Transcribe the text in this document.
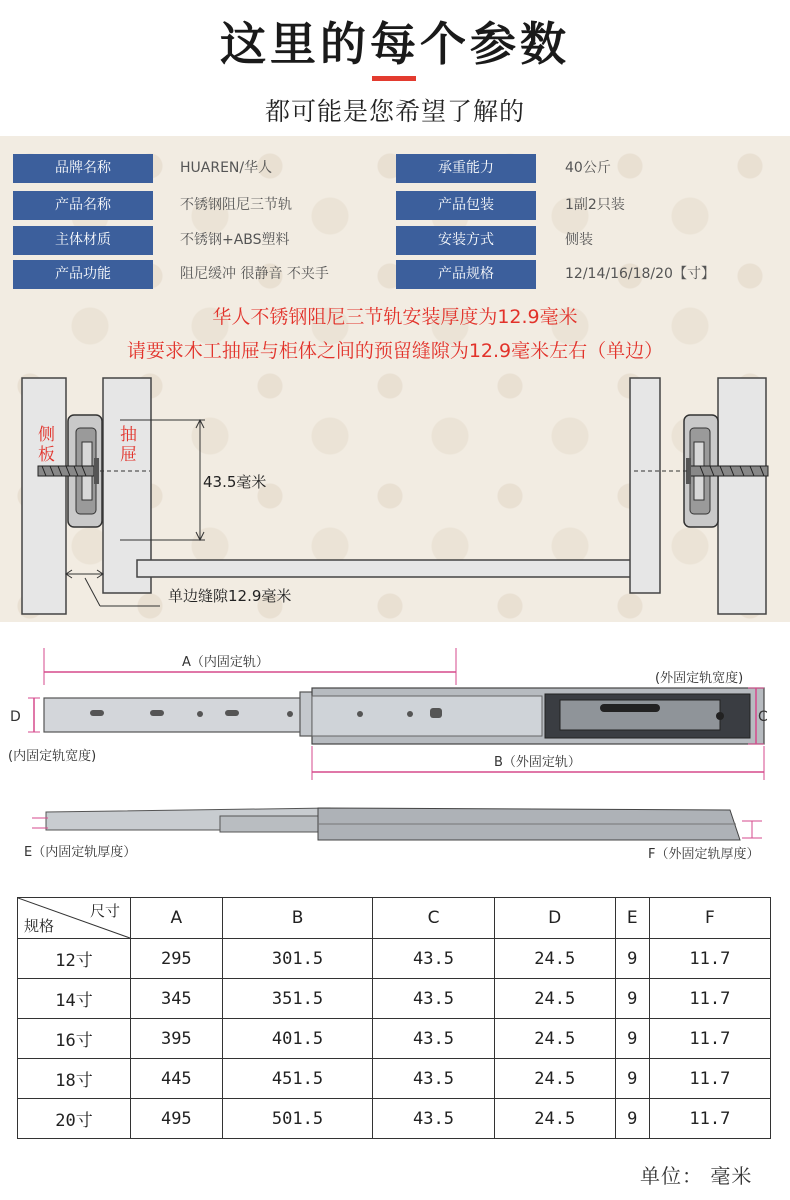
这里的每个参数
都可能是您希望了解的
品牌名称	HUAREN/华人
产品名称	不锈钢阻尼三节轨
主体材质	不锈钢+ABS塑料
产品功能	阻尼缓冲 很静音 不夹手
承重能力	40公斤
产品包装	1副2只装
安装方式	侧装
产品规格	12/14/16/18/20【寸】
华人不锈钢阻尼三节轨安装厚度为12.9毫米
请要求木工抽屉与柜体之间的预留缝隙为12.9毫米左右（单边）
侧板
抽屉
43.5毫米
单边缝隙12.9毫米
A（内固定轨）
(外固定轨宽度)
C
D
(内固定轨宽度)	B（外固定轨）
E（内固定轨厚度）	F（外固定轨厚度）
尺寸
规格	A	B	C	D	E	F
12寸	295	301.5	43.5	24.5	9	11.7
14寸	345	351.5	43.5	24.5	9	11.7
16寸	395	401.5	43.5	24.5	9	11.7
18寸	445	451.5	43.5	24.5	9	11.7
20寸	495	501.5	43.5	24.5	9	11.7
单位： 毫米
